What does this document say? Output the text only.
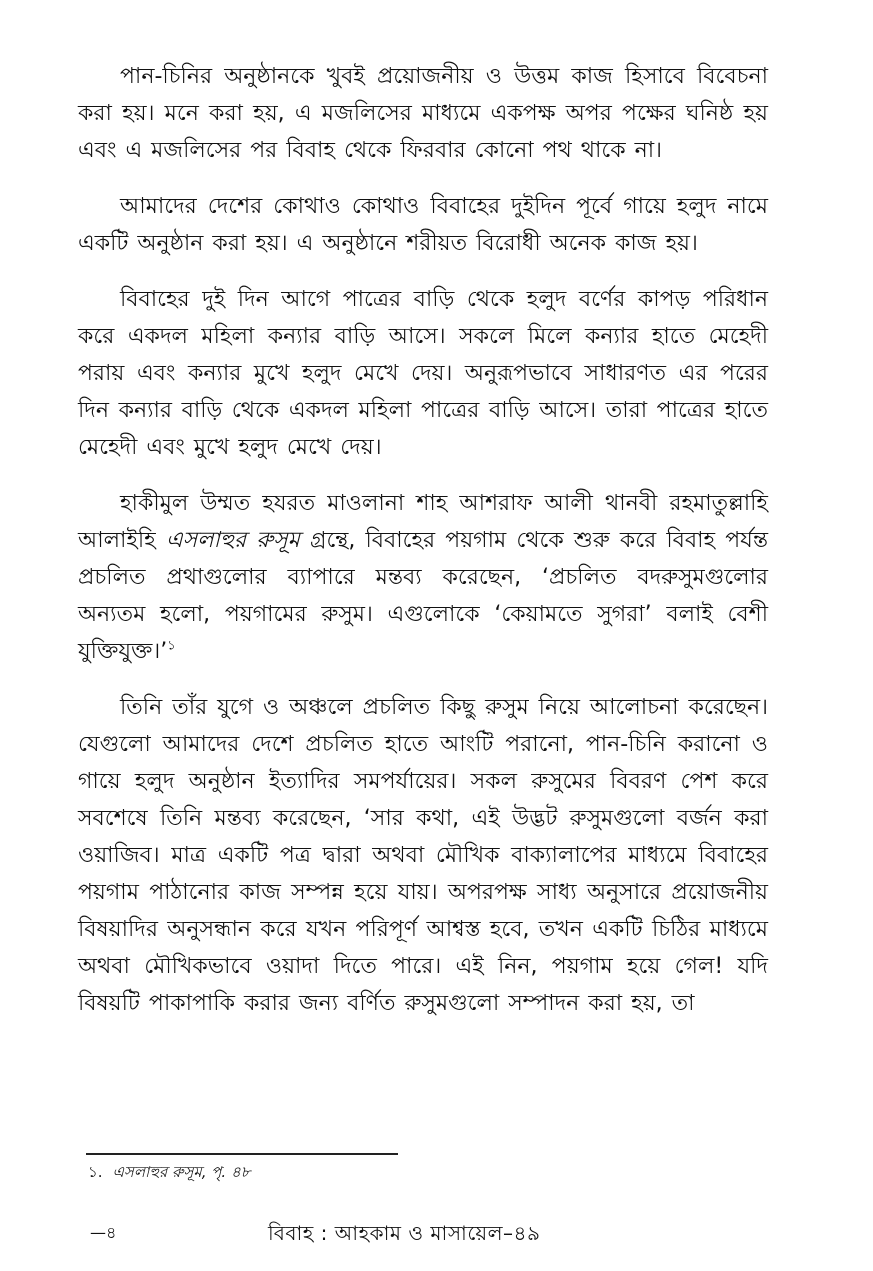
পান-চিনির অনুষ্ঠানকে খুবই প্রয়োজনীয় ও উত্তম কাজ হিসাবে বিবেচনা করা হয়। মনে করা হয়, এ মজলিসের মাধ্যমে একপক্ষ অপর পক্ষের ঘনিষ্ঠ হয় এবং এ মজলিসের পর বিবাহ থেকে ফিরবার কোনো পথ থাকে না।

আমাদের দেশের কোথাও কোথাও বিবাহের দুইদিন পূর্বে গায়ে হলুদ নামে একটি অনুষ্ঠান করা হয়। এ অনুষ্ঠানে শরীয়ত বিরোধী অনেক কাজ হয়।

বিবাহের দুই দিন আগে পাত্রের বাড়ি থেকে হলুদ বর্ণের কাপড় পরিধান করে একদল মহিলা কন্যার বাড়ি আসে। সকলে মিলে কন্যার হাতে মেহেদী পরায় এবং কন্যার মুখে হলুদ মেখে দেয়। অনুরূপভাবে সাধারণত এর পরের দিন কন্যার বাড়ি থেকে একদল মহিলা পাত্রের বাড়ি আসে। তারা পাত্রের হাতে মেহেদী এবং মুখে হলুদ মেখে দেয়।

হাকীমুল উম্মত হযরত মাওলানা শাহ আশরাফ আলী থানবী রহমাতুল্লাহি আলাইহি এসলাহুর রুসূম গ্রন্থে, বিবাহের পয়গাম থেকে শুরু করে বিবাহ পর্যন্ত প্রচলিত প্রথাগুলোর ব্যাপারে মন্তব্য করেছেন, ‘প্রচলিত বদরুসুমগুলোর অন্যতম হলো, পয়গামের রুসুম। এগুলোকে ‘কেয়ামতে সুগরা’ বলাই বেশী যুক্তিযুক্ত।’$^১$

তিনি তাঁর যুগে ও অঞ্চলে প্রচলিত কিছু রুসুম নিয়ে আলোচনা করেছেন। যেগুলো আমাদের দেশে প্রচলিত হাতে আংটি পরানো, পান-চিনি করানো ও গায়ে হলুদ অনুষ্ঠান ইত্যাদির সমপর্যায়ের। সকল রুসুমের বিবরণ পেশ করে সবশেষে তিনি মন্তব্য করেছেন, ‘সার কথা, এই উদ্ভট রুসুমগুলো বর্জন করা ওয়াজিব। মাত্র একটি পত্র দ্বারা অথবা মৌখিক বাক্যালাপের মাধ্যমে বিবাহের পয়গাম পাঠানোর কাজ সম্পন্ন হয়ে যায়। অপরপক্ষ সাধ্য অনুসারে প্রয়োজনীয় বিষয়াদির অনুসন্ধান করে যখন পরিপূর্ণ আশ্বস্ত হবে, তখন একটি চিঠির মাধ্যমে অথবা মৌখিকভাবে ওয়াদা দিতে পারে। এই নিন, পয়গাম হয়ে গেল! যদি বিষয়টি পাকাপাকি করার জন্য বর্ণিত রুসুমগুলো সম্পাদন করা হয়, তা

১. এসলাহুর রুসূম, পৃ. ৪৮
—৪	বিবাহ : আহকাম ও মাসায়েল–৪৯
